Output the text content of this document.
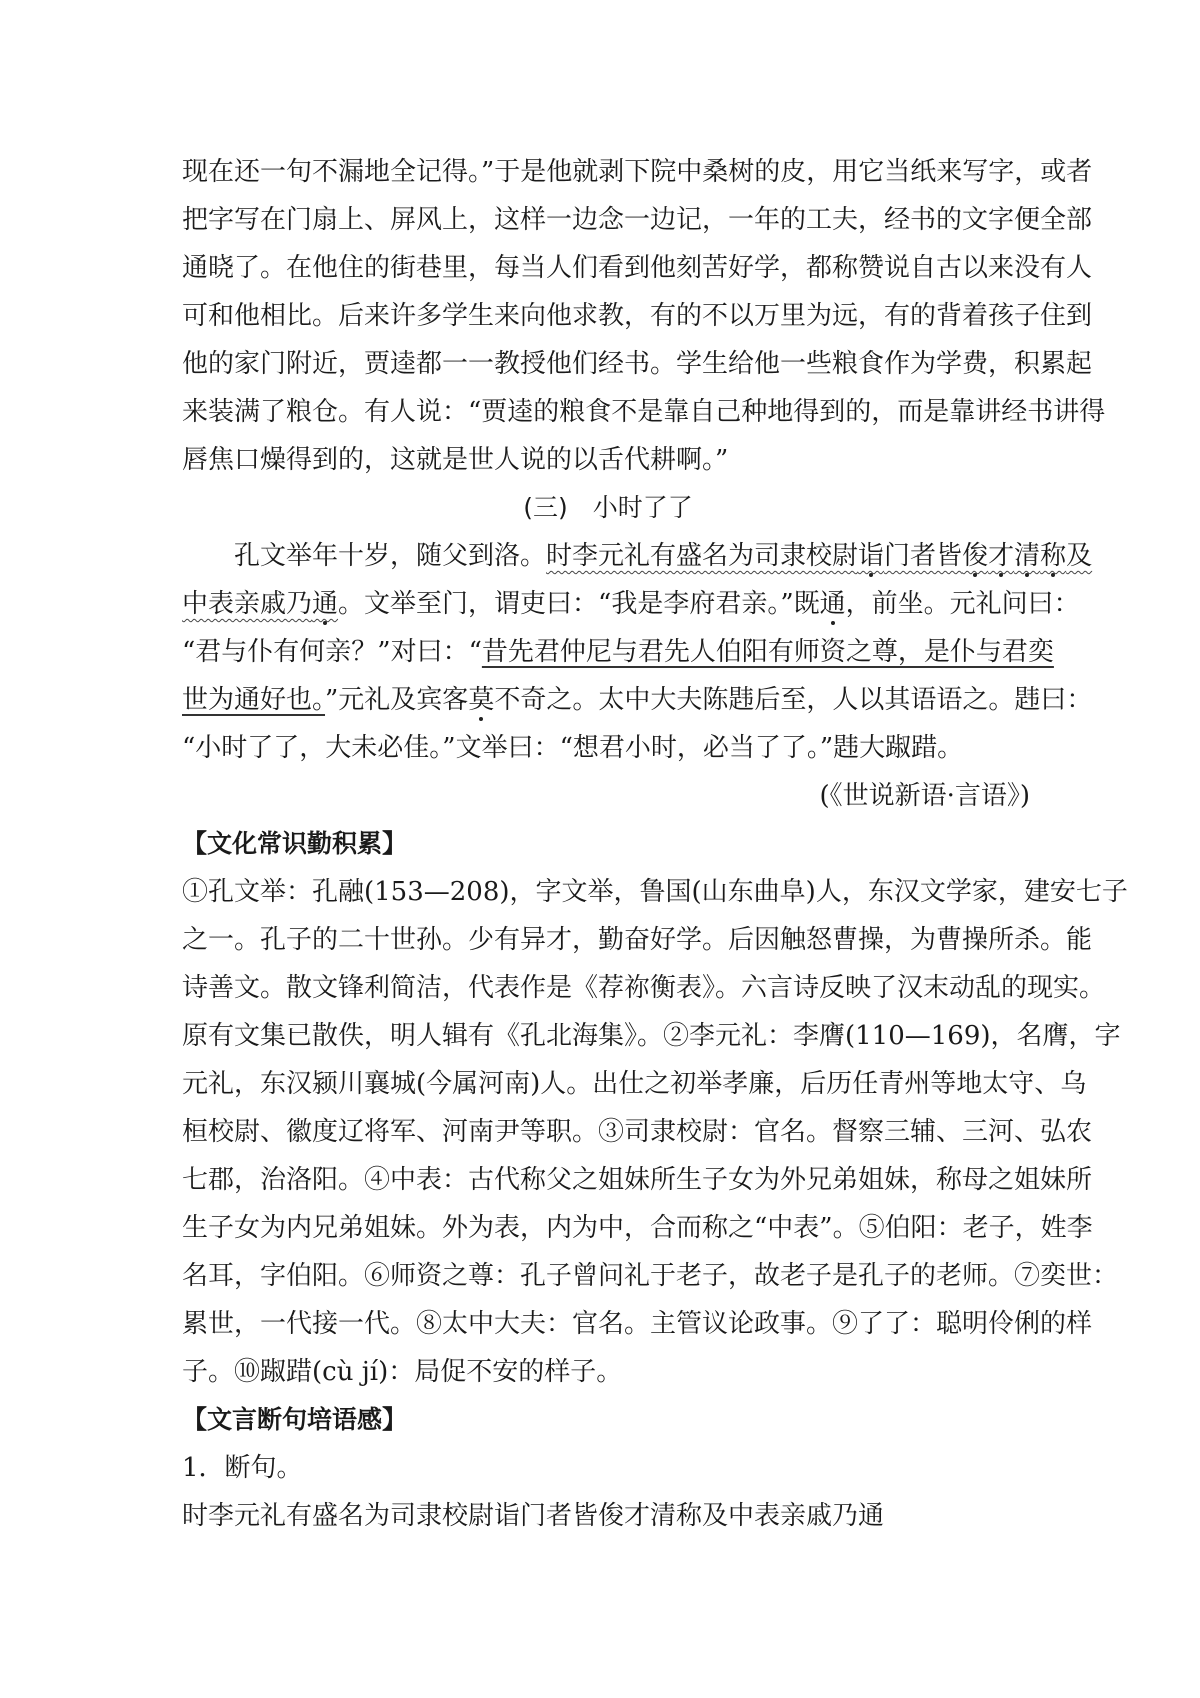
现在还一句不漏地全记得。”于是他就剥下院中桑树的皮，用它当纸来写字，或者

把字写在门扇上、屏风上，这样一边念一边记，一年的工夫，经书的文字便全部

通晓了。在他住的街巷里，每当人们看到他刻苦好学，都称赞说自古以来没有人

可和他相比。后来许多学生来向他求教，有的不以万里为远，有的背着孩子住到

他的家门附近，贾逵都一一教授他们经书。学生给他一些粮食作为学费，积累起

来装满了粮仓。有人说：“贾逵的粮食不是靠自己种地得到的，而是靠讲经书讲得

唇焦口燥得到的，这就是世人说的以舌代耕啊。”

(三)　小时了了

孔文举年十岁，随父到洛。时李元礼有盛名为司隶校尉诣门者皆俊才清称及

中表亲戚乃通。文举至门，谓吏曰：“我是李府君亲。”既通，前坐。元礼问曰：

“君与仆有何亲？”对曰：“昔先君仲尼与君先人伯阳有师资之尊，是仆与君奕

世为通好也。”元礼及宾客莫不奇之。太中大夫陈韪后至，人以其语语之。韪曰：

“小时了了，大未必佳。”文举曰：“想君小时，必当了了。”韪大踧踖。

(《世说新语·言语》)

【文化常识勤积累】

①孔文举：孔融(153—208)，字文举，鲁国(山东曲阜)人，东汉文学家，建安七子

之一。孔子的二十世孙。少有异才，勤奋好学。后因触怒曹操，为曹操所杀。能

诗善文。散文锋利简洁，代表作是《荐祢衡表》。六言诗反映了汉末动乱的现实。

原有文集已散佚，明人辑有《孔北海集》。②李元礼：李膺(110—169)，名膺，字

元礼，东汉颍川襄城(今属河南)人。出仕之初举孝廉，后历任青州等地太守、乌

桓校尉、徽度辽将军、河南尹等职。③司隶校尉：官名。督察三辅、三河、弘农

七郡，治洛阳。④中表：古代称父之姐妹所生子女为外兄弟姐妹，称母之姐妹所

生子女为内兄弟姐妹。外为表，内为中，合而称之“中表”。⑤伯阳：老子，姓李

名耳，字伯阳。⑥师资之尊：孔子曾问礼于老子，故老子是孔子的老师。⑦奕世：

累世，一代接一代。⑧太中大夫：官名。主管议论政事。⑨了了：聪明伶俐的样

子。⑩踧踖(cù jí)：局促不安的样子。

【文言断句培语感】

1．断句。

时李元礼有盛名为司隶校尉诣门者皆俊才清称及中表亲戚乃通
